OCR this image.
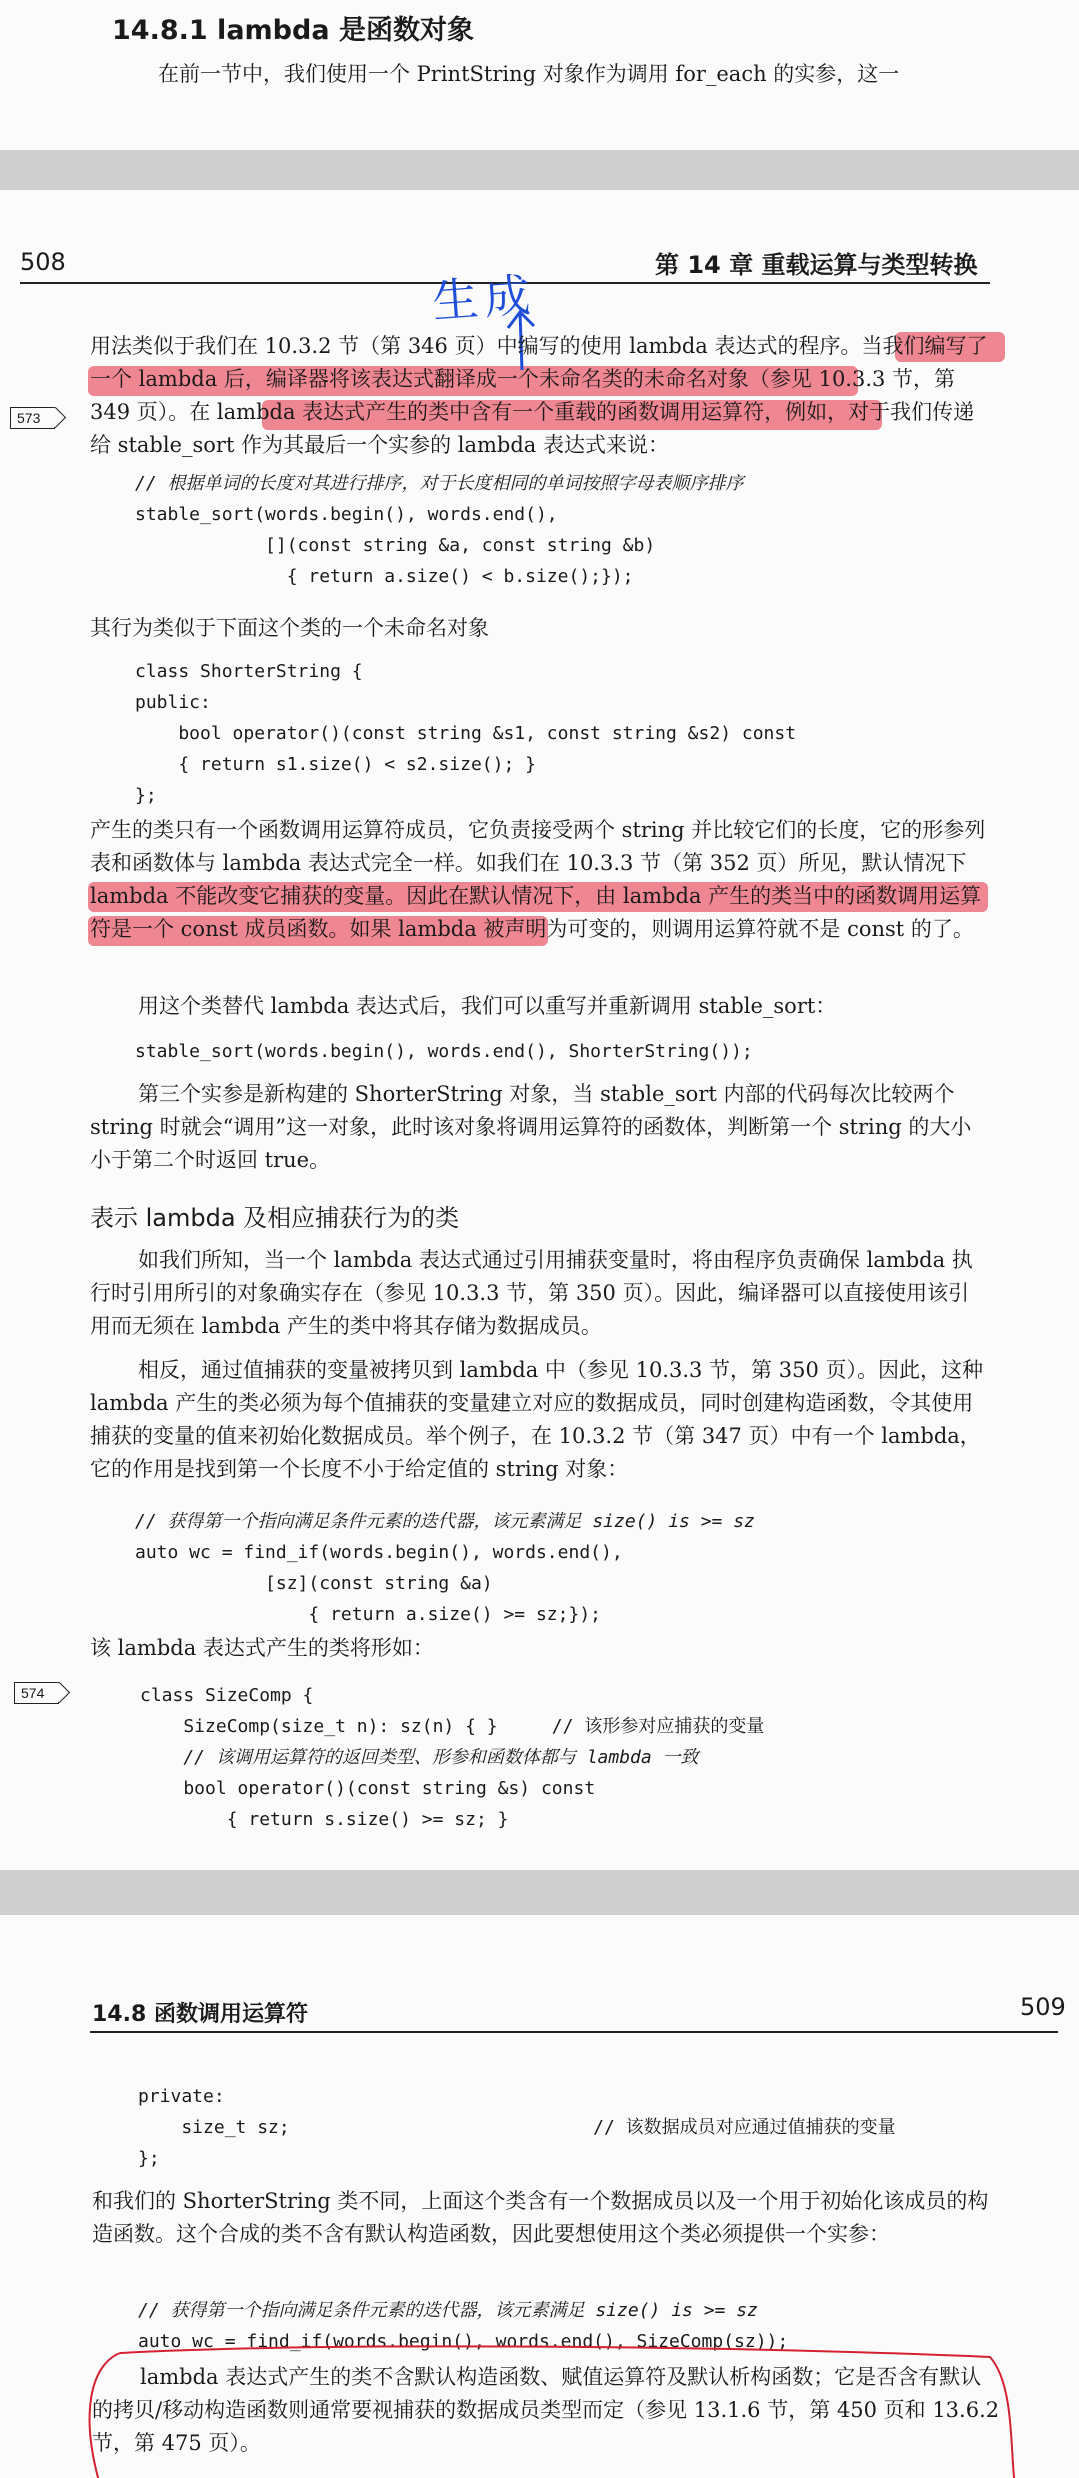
14.8.1 lambda 是函数对象
在前一节中，我们使用一个 PrintString 对象作为调用 for_each 的实参，这一
508	第 14 章 重载运算与类型转换
生成
573
用法类似于我们在 10.3.2 节（第 346 页）中编写的使用 lambda 表达式的程序。当我们编写了一个 lambda 后，编译器将该表达式翻译成一个未命名类的未命名对象（参见 10.3.3 节，第 349 页）。在 lambda 表达式产生的类中含有一个重载的函数调用运算符，例如，对于我们传递给 stable_sort 作为其最后一个实参的 lambda 表达式来说：
// 根据单词的长度对其进行排序，对于长度相同的单词按照字母表顺序排序
stable_sort(words.begin(), words.end(),
[](const string &a, const string &b)
{ return a.size() < b.size();});
其行为类似于下面这个类的一个未命名对象
class ShorterString {
public:
bool operator()(const string &s1, const string &s2) const
{ return s1.size() < s2.size(); }
};
产生的类只有一个函数调用运算符成员，它负责接受两个 string 并比较它们的长度，它的形参列表和函数体与 lambda 表达式完全一样。如我们在 10.3.3 节（第 352 页）所见，默认情况下 lambda 不能改变它捕获的变量。因此在默认情况下，由 lambda 产生的类当中的函数调用运算符是一个 const 成员函数。如果 lambda 被声明为可变的，则调用运算符就不是 const 的了。
用这个类替代 lambda 表达式后，我们可以重写并重新调用 stable_sort：
stable_sort(words.begin(), words.end(), ShorterString());
第三个实参是新构建的 ShorterString 对象，当 stable_sort 内部的代码每次比较两个 string 时就会“调用”这一对象，此时该对象将调用运算符的函数体，判断第一个 string 的大小小于第二个时返回 true。
表示 lambda 及相应捕获行为的类
如我们所知，当一个 lambda 表达式通过引用捕获变量时，将由程序负责确保 lambda 执行时引用所引的对象确实存在（参见 10.3.3 节，第 350 页）。因此，编译器可以直接使用该引用而无须在 lambda 产生的类中将其存储为数据成员。
相反，通过值捕获的变量被拷贝到 lambda 中（参见 10.3.3 节，第 350 页）。因此，这种 lambda 产生的类必须为每个值捕获的变量建立对应的数据成员，同时创建构造函数，令其使用捕获的变量的值来初始化数据成员。举个例子，在 10.3.2 节（第 347 页）中有一个 lambda，它的作用是找到第一个长度不小于给定值的 string 对象：
// 获得第一个指向满足条件元素的迭代器，该元素满足 size() is >= sz
auto wc = find_if(words.begin(), words.end(),
[sz](const string &a)
{ return a.size() >= sz;});
该 lambda 表达式产生的类将形如：
574	class SizeComp {
SizeComp(size_t n): sz(n) { }     // 该形参对应捕获的变量
// 该调用运算符的返回类型、形参和函数体都与 lambda 一致
bool operator()(const string &s) const
{ return s.size() >= sz; }
14.8 函数调用运算符	509
private:
size_t sz;                            // 该数据成员对应通过值捕获的变量
};
和我们的 ShorterString 类不同，上面这个类含有一个数据成员以及一个用于初始化该成员的构造函数。这个合成的类不含有默认构造函数，因此要想使用这个类必须提供一个实参：
// 获得第一个指向满足条件元素的迭代器，该元素满足 size() is >= sz
auto wc = find_if(words.begin(), words.end(), SizeComp(sz));
lambda 表达式产生的类不含默认构造函数、赋值运算符及默认析构函数；它是否含有默认的拷贝/移动构造函数则通常要视捕获的数据成员类型而定（参见 13.1.6 节，第 450 页和 13.6.2 节，第 475 页）。
